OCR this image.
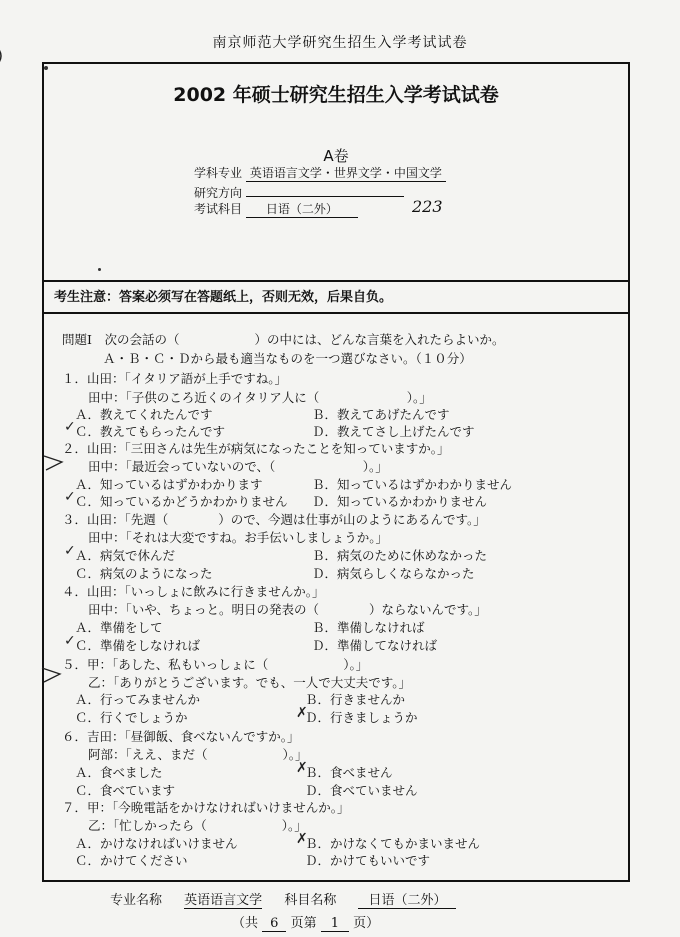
南京师范大学研究生招生入学考试试卷
2002 年硕士研究生招生入学考试试卷
A卷
学科专业 英语语言文学・世界文学・中国文学
研究方向
考试科目 日语（二外）	223
考生注意：答案必须写在答题纸上，否则无效，后果自负。
問題Ⅰ　次の会話の（　　　　　　）の中には、どんな言葉を入れたらよいか。
Ａ・Ｂ・Ｃ・Ｄから最も適当なものを一つ選びなさい。（１０分）
１．山田：「イタリア語が上手ですね。」
田中：「子供のころ近くのイタリア人に（　　　　　　　）。」
Ａ．教えてくれたんです	Ｂ．教えてあげたんです
Ｃ．教えてもらったんです	Ｄ．教えてさし上げたんです
２．山田：「三田さんは先生が病気になったことを知っていますか。」
田中：「最近会っていないので、（　　　　　　　）。」
Ａ．知っているはずかわかります	Ｂ．知っているはずかわかりません
Ｃ．知っているかどうかわかりません Ｄ．知っているかわかりません
３．山田：「先週（　　　　）ので、今週は仕事が山のようにあるんです。」
田中：「それは大変ですね。お手伝いしましょうか。」
Ａ．病気で休んだ	Ｂ．病気のために休めなかった
Ｃ．病気のようになった	Ｄ．病気らしくならなかった
４．山田：「いっしょに飲みに行きませんか。」
田中：「いや、ちょっと。明日の発表の（　　　　）ならないんです。」
Ａ．準備をして	Ｂ．準備しなければ
Ｃ．準備をしなければ	Ｄ．準備してなければ
５．甲：「あした、私もいっしょに（　　　　　　）。」
乙：「ありがとうございます。でも、一人で大丈夫です。」
Ａ．行ってみませんか	Ｂ．行きませんか
Ｃ．行くでしょうか	Ｄ．行きましょうか
６．吉田：「昼御飯、食べないんですか。」
阿部：「ええ、まだ（　　　　　　）。」
Ａ．食べました	Ｂ．食べません
Ｃ．食べています	Ｄ．食べていません
７．甲：「今晩電話をかけなければいけませんか。」
乙：「忙しかったら（　　　　　　）。」
Ａ．かけなければいけません	Ｂ．かけなくてもかまいません
Ｃ．かけてください	Ｄ．かけてもいいです
✓
✓
✓
✓
✗
✗
✗
专业名称 英语语言文学 科目名称 日语（二外）
（共 6 页第 1 页）
